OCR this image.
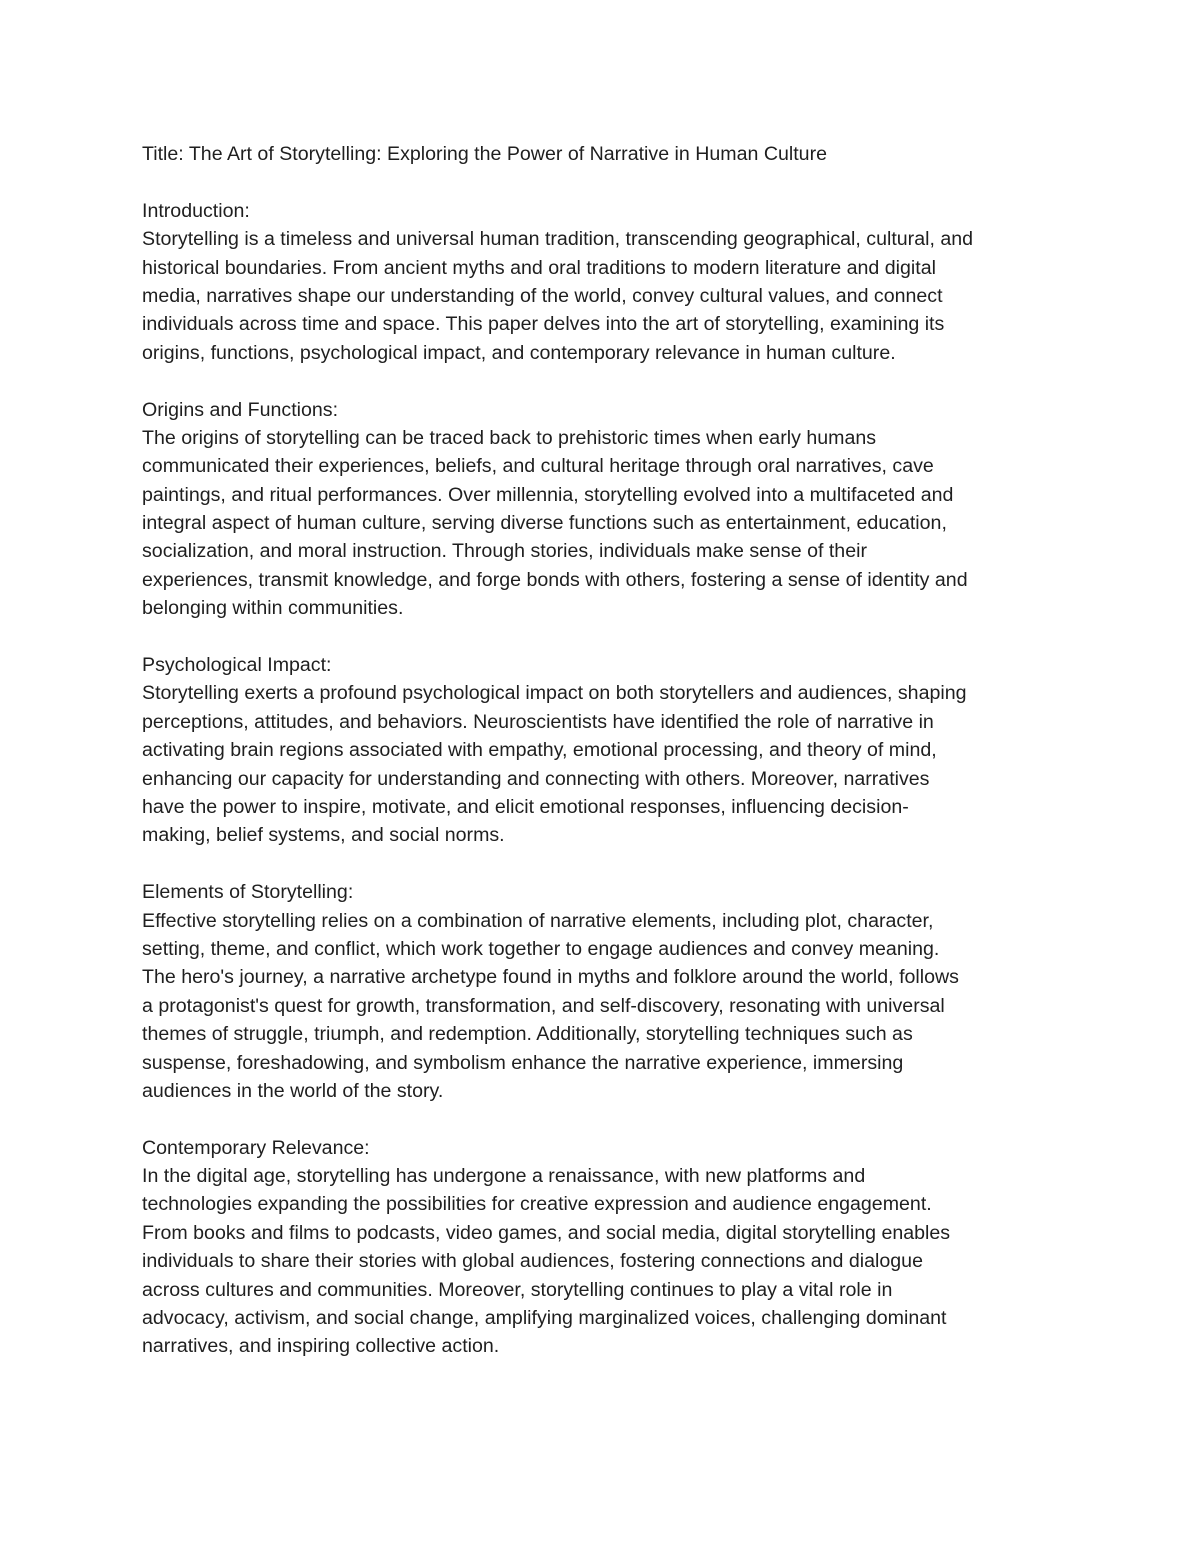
Title: The Art of Storytelling: Exploring the Power of Narrative in Human Culture
Introduction:
Storytelling is a timeless and universal human tradition, transcending geographical, cultural, and
historical boundaries. From ancient myths and oral traditions to modern literature and digital
media, narratives shape our understanding of the world, convey cultural values, and connect
individuals across time and space. This paper delves into the art of storytelling, examining its
origins, functions, psychological impact, and contemporary relevance in human culture.
Origins and Functions:
The origins of storytelling can be traced back to prehistoric times when early humans
communicated their experiences, beliefs, and cultural heritage through oral narratives, cave
paintings, and ritual performances. Over millennia, storytelling evolved into a multifaceted and
integral aspect of human culture, serving diverse functions such as entertainment, education,
socialization, and moral instruction. Through stories, individuals make sense of their
experiences, transmit knowledge, and forge bonds with others, fostering a sense of identity and
belonging within communities.
Psychological Impact:
Storytelling exerts a profound psychological impact on both storytellers and audiences, shaping
perceptions, attitudes, and behaviors. Neuroscientists have identified the role of narrative in
activating brain regions associated with empathy, emotional processing, and theory of mind,
enhancing our capacity for understanding and connecting with others. Moreover, narratives
have the power to inspire, motivate, and elicit emotional responses, influencing decision-
making, belief systems, and social norms.
Elements of Storytelling:
Effective storytelling relies on a combination of narrative elements, including plot, character,
setting, theme, and conflict, which work together to engage audiences and convey meaning.
The hero's journey, a narrative archetype found in myths and folklore around the world, follows
a protagonist's quest for growth, transformation, and self-discovery, resonating with universal
themes of struggle, triumph, and redemption. Additionally, storytelling techniques such as
suspense, foreshadowing, and symbolism enhance the narrative experience, immersing
audiences in the world of the story.
Contemporary Relevance:
In the digital age, storytelling has undergone a renaissance, with new platforms and
technologies expanding the possibilities for creative expression and audience engagement.
From books and films to podcasts, video games, and social media, digital storytelling enables
individuals to share their stories with global audiences, fostering connections and dialogue
across cultures and communities. Moreover, storytelling continues to play a vital role in
advocacy, activism, and social change, amplifying marginalized voices, challenging dominant
narratives, and inspiring collective action.
